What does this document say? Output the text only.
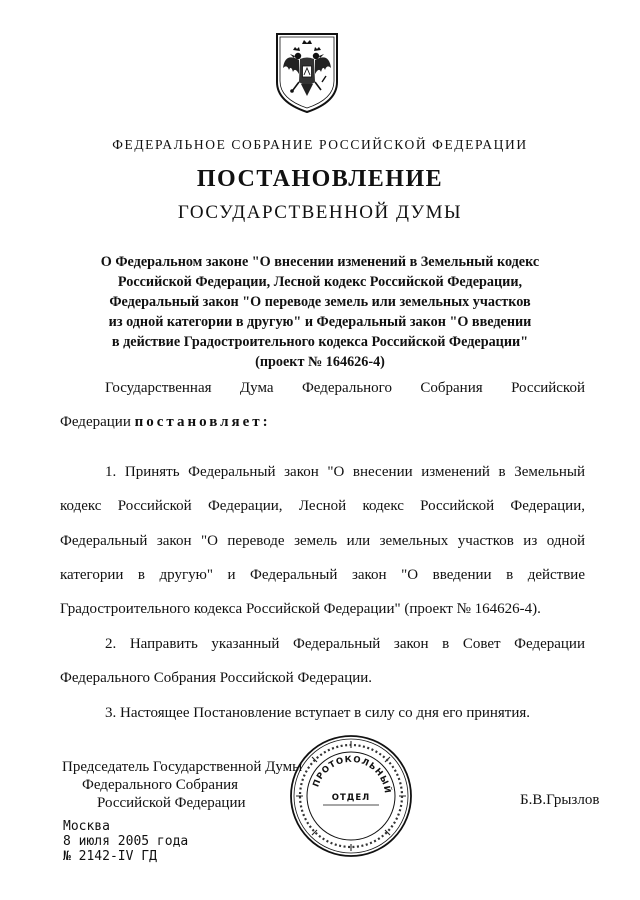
ФЕДЕРАЛЬНОЕ СОБРАНИЕ РОССИЙСКОЙ ФЕДЕРАЦИИ
ПОСТАНОВЛЕНИЕ
ГОСУДАРСТВЕННОЙ ДУМЫ
О Федеральном законе "О внесении изменений в Земельный кодекс
Российской Федерации, Лесной кодекс Российской Федерации,
Федеральный закон "О переводе земель или земельных участков
из одной категории в другую" и Федеральный закон "О введении
в действие Градостроительного кодекса Российской Федерации"
(проект № 164626-4)
Государственная Дума Федерального Собрания Российской
Федерации постановляет:
1. Принять Федеральный закон "О внесении изменений в Земельный
кодекс Российской Федерации, Лесной кодекс Российской Федерации,
Федеральный закон "О переводе земель или земельных участков из одной
категории в другую" и Федеральный закон "О введении в действие
Градостроительного кодекса Российской Федерации" (проект № 164626-4).
2. Направить указанный Федеральный закон в Совет Федерации
Федерального Собрания Российской Федерации.
3. Настоящее Постановление вступает в силу со дня его принятия.
Председатель Государственной Думы
Федерального Собрания
Российской Федерации	Б.В.Грызлов
ПРОТОКОЛЬНЫЙ
ОТДЕЛ
Москва
8 июля 2005 года
№ 2142-IV ГД
